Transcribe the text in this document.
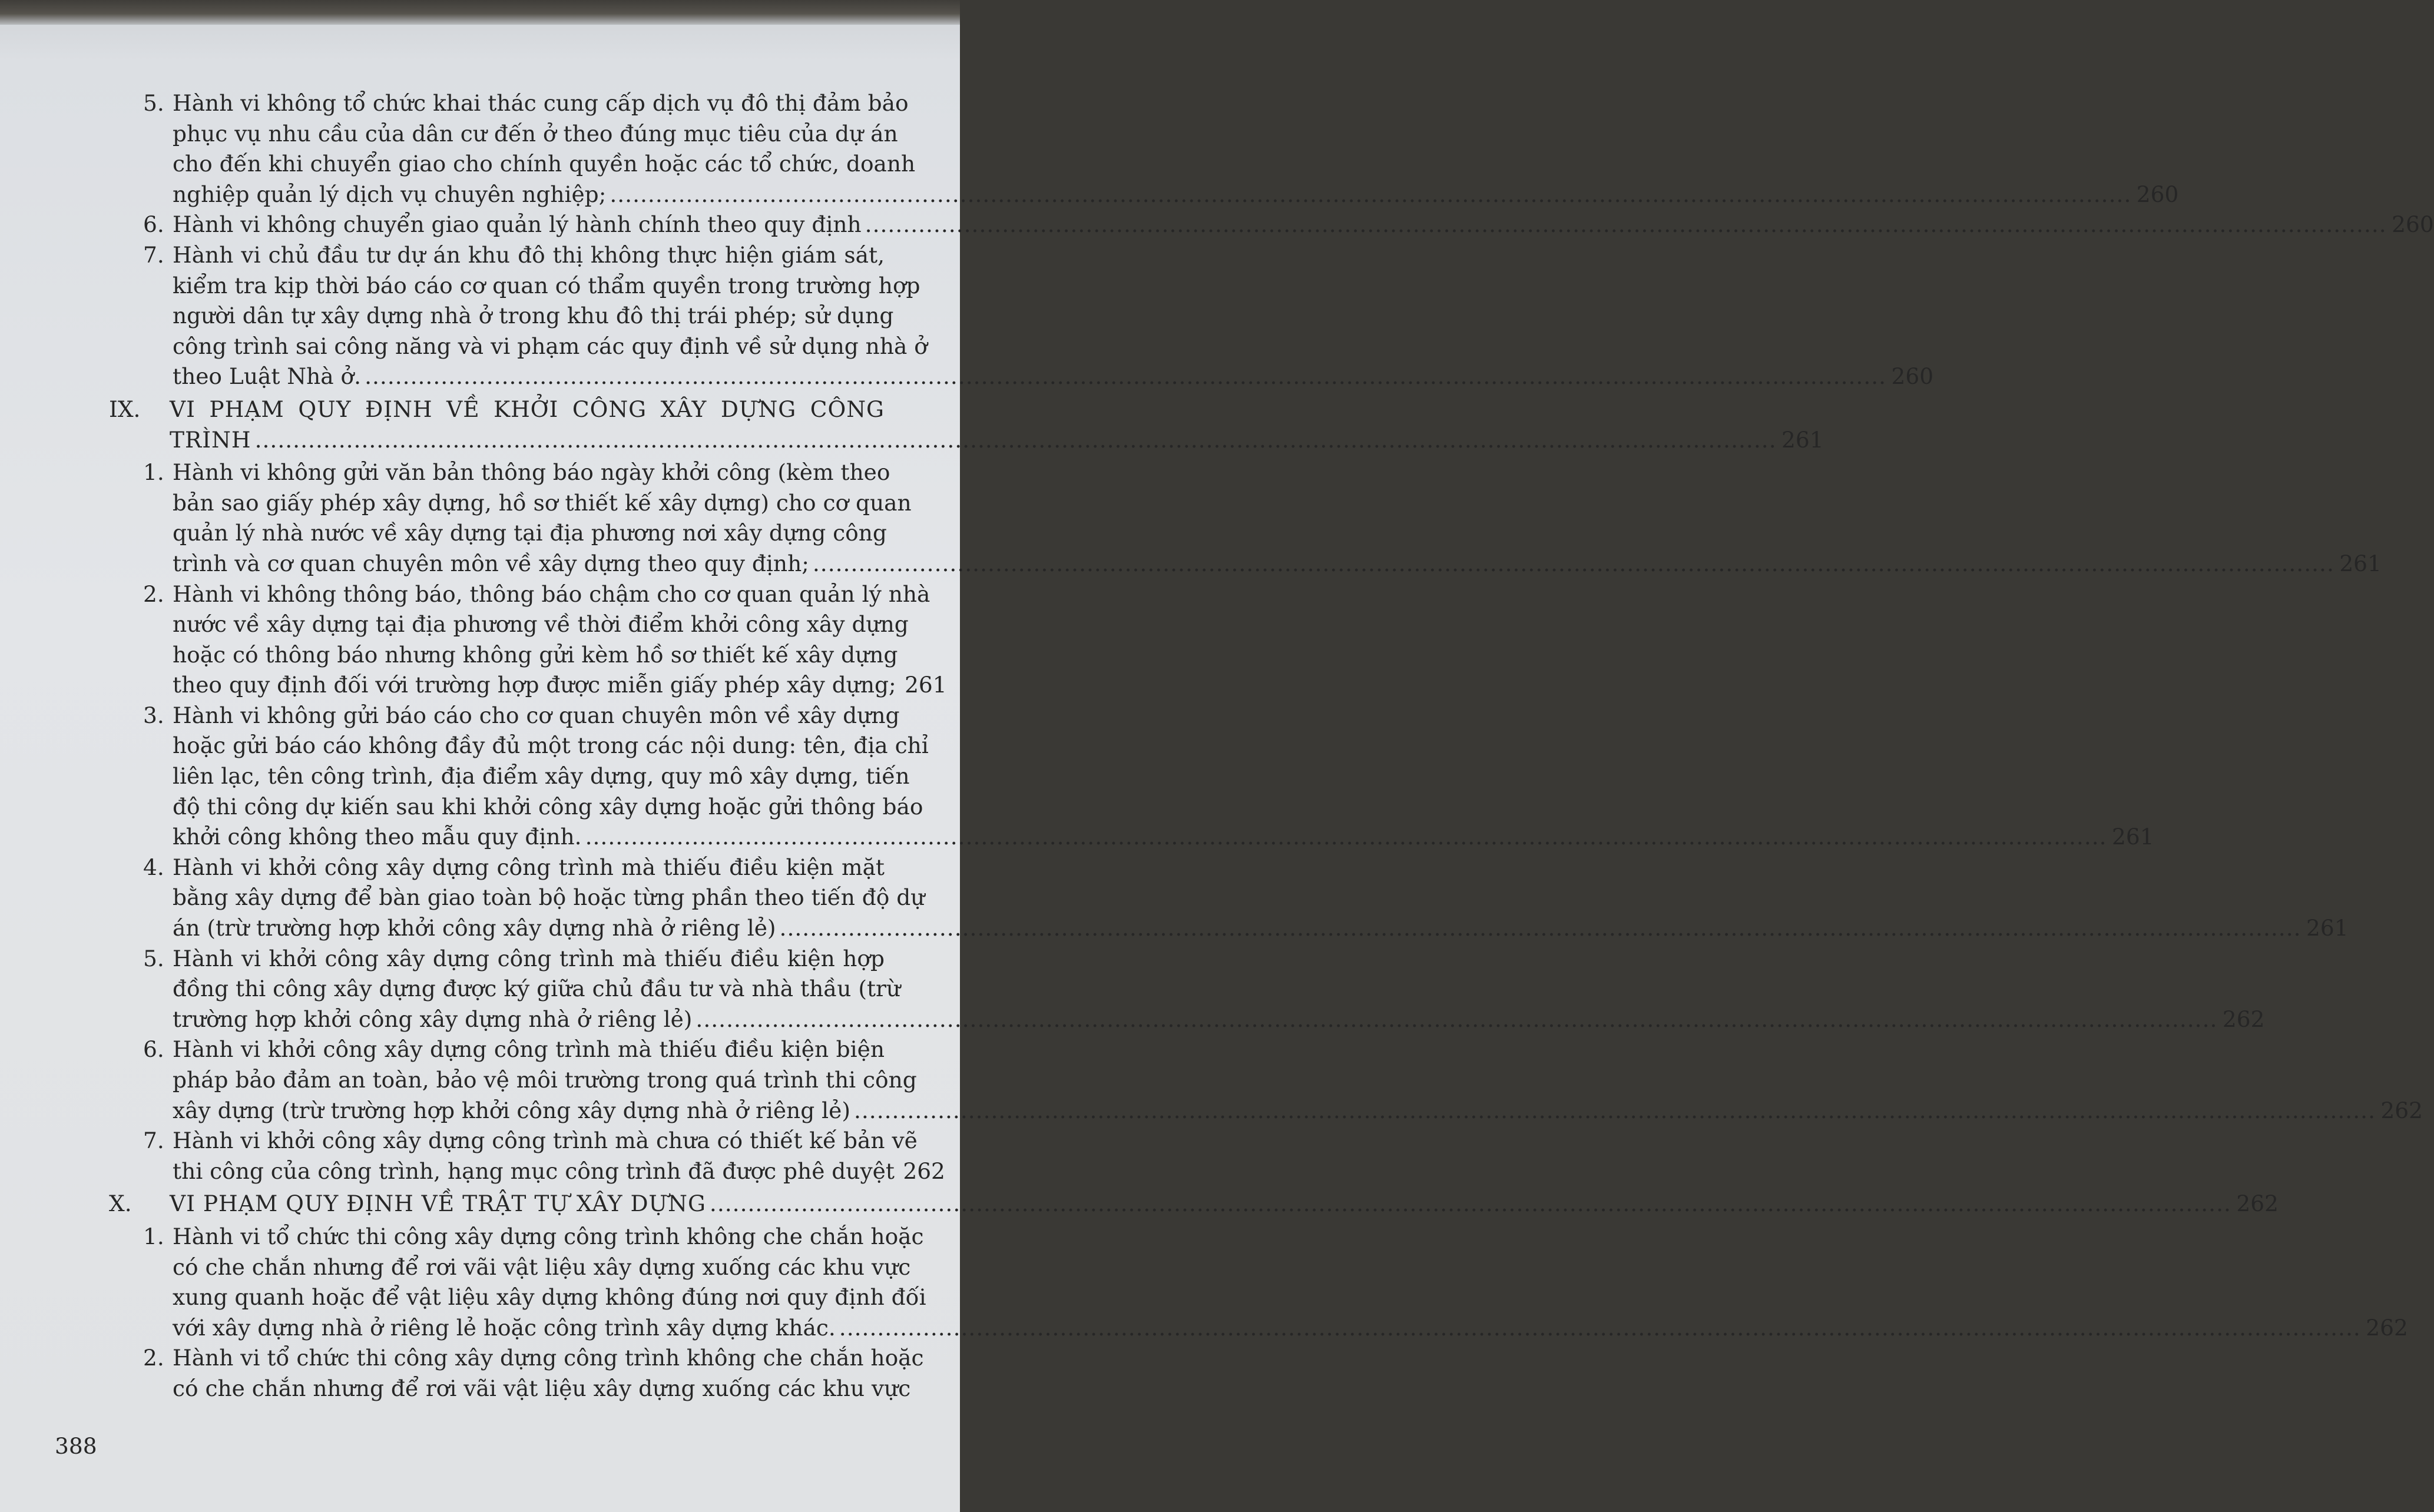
5. Hành vi không tổ chức khai thác cung cấp dịch vụ đô thị đảm bảo
phục vụ nhu cầu của dân cư đến ở theo đúng mục tiêu của dự án
cho đến khi chuyển giao cho chính quyền hoặc các tổ chức, doanh
nghiệp quản lý dịch vụ chuyên nghiệp; ........................................................................................................................................................................................................ 260
6. Hành vi không chuyển giao quản lý hành chính theo quy định ........................................................................................................................................................................................................ 260
7. Hành vi chủ đầu tư dự án khu đô thị không thực hiện giám sát,
kiểm tra kịp thời báo cáo cơ quan có thẩm quyền trong trường hợp
người dân tự xây dựng nhà ở trong khu đô thị trái phép; sử dụng
công trình sai công năng và vi phạm các quy định về sử dụng nhà ở
theo Luật Nhà ở. ........................................................................................................................................................................................................ 260
IX. VI PHẠM QUY ĐỊNH VỀ KHỞI CÔNG XÂY DỰNG CÔNG
TRÌNH ........................................................................................................................................................................................................ 261
1. Hành vi không gửi văn bản thông báo ngày khởi công (kèm theo
bản sao giấy phép xây dựng, hồ sơ thiết kế xây dựng) cho cơ quan
quản lý nhà nước về xây dựng tại địa phương nơi xây dựng công
trình và cơ quan chuyên môn về xây dựng theo quy định; ........................................................................................................................................................................................................ 261
2. Hành vi không thông báo, thông báo chậm cho cơ quan quản lý nhà
nước về xây dựng tại địa phương về thời điểm khởi công xây dựng
hoặc có thông báo nhưng không gửi kèm hồ sơ thiết kế xây dựng
theo quy định đối với trường hợp được miễn giấy phép xây dựng; 261
3. Hành vi không gửi báo cáo cho cơ quan chuyên môn về xây dựng
hoặc gửi báo cáo không đầy đủ một trong các nội dung: tên, địa chỉ
liên lạc, tên công trình, địa điểm xây dựng, quy mô xây dựng, tiến
độ thi công dự kiến sau khi khởi công xây dựng hoặc gửi thông báo
khởi công không theo mẫu quy định. ........................................................................................................................................................................................................ 261
4. Hành vi khởi công xây dựng công trình mà thiếu điều kiện mặt
bằng xây dựng để bàn giao toàn bộ hoặc từng phần theo tiến độ dự
án (trừ trường hợp khởi công xây dựng nhà ở riêng lẻ) ........................................................................................................................................................................................................ 261
5. Hành vi khởi công xây dựng công trình mà thiếu điều kiện hợp
đồng thi công xây dựng được ký giữa chủ đầu tư và nhà thầu (trừ
trường hợp khởi công xây dựng nhà ở riêng lẻ) ........................................................................................................................................................................................................ 262
6. Hành vi khởi công xây dựng công trình mà thiếu điều kiện biện
pháp bảo đảm an toàn, bảo vệ môi trường trong quá trình thi công
xây dựng (trừ trường hợp khởi công xây dựng nhà ở riêng lẻ) ........................................................................................................................................................................................................ 262
7. Hành vi khởi công xây dựng công trình mà chưa có thiết kế bản vẽ
thi công của công trình, hạng mục công trình đã được phê duyệt 262
X. VI PHẠM QUY ĐỊNH VỀ TRẬT TỰ XÂY DỰNG ........................................................................................................................................................................................................ 262
1. Hành vi tổ chức thi công xây dựng công trình không che chắn hoặc
có che chắn nhưng để rơi vãi vật liệu xây dựng xuống các khu vực
xung quanh hoặc để vật liệu xây dựng không đúng nơi quy định đối
với xây dựng nhà ở riêng lẻ hoặc công trình xây dựng khác. ........................................................................................................................................................................................................ 262
2. Hành vi tổ chức thi công xây dựng công trình không che chắn hoặc
có che chắn nhưng để rơi vãi vật liệu xây dựng xuống các khu vực
388
